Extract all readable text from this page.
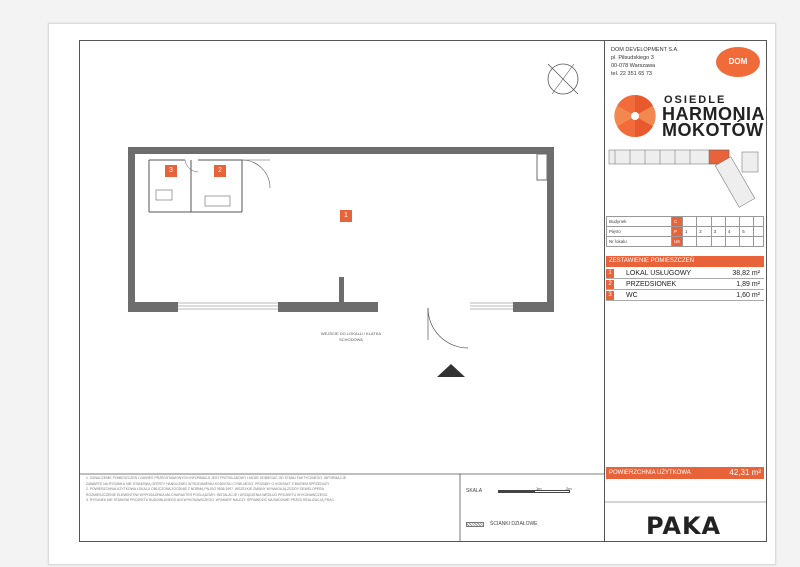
1
2
3
WEJŚCIE DO LOKALU / KLATKA SCHODOWA
DOM DEVELOPMENT S.A.
pl. Piłsudskiego 3
00-078 Warszawa
tel. 22 351 65 73
DOM
OSIEDLE
HARMONIA
MOKOTÓW
Budynek	C						
Piętro	P	1	2	3	4	5	
Nr lokalu	U6						
ZESTAWIENIE POMIESZCZEŃ
1	LOKAL USŁUGOWY	38,82 m²
2	PRZEDSIONEK	1,89 m²
3	WC	1,60 m²
POWIERZCHNIA UŻYTKOWA	42,31 m²
1. OZNACZENIE POMIESZCZEŃ I ZAKRES PRZEDSTAWIONYCH INFORMACJI JEST PRZYKŁADOWY I MOŻE ODBIEGAĆ OD STANU FAKTYCZNEGO. INFORMACJE
ZAWARTE NA RYSUNKU NIE STANOWIĄ OFERTY HANDLOWEJ W ROZUMIENIU KODEKSU CYWILNEGO. PROSIMY O KONTAKT Z BIUREM SPRZEDAŻY.
2. POWIERZCHNIA UŻYTKOWA LOKALU OBLICZONA ZGODNIE Z NORMĄ PN-ISO 9836:1997. WSZELKIE ZMIANY WYMAGAJĄ ZGODY DEWELOPERA,
ROZMIESZCZENIE ELEMENTÓW WYPOSAŻENIA MA CHARAKTER POGLĄDOWY. INSTALACJE I URZĄDZENIA WEDŁUG PROJEKTU WYKONAWCZEGO.
3. RYSUNEK NIE STANOWI PROJEKTU BUDOWLANEGO ANI WYKONAWCZEGO. WYMIARY NALEŻY SPRAWDZIĆ NA BUDOWIE PRZED REALIZACJĄ PRAC.
SKALA	1m	2m
ŚCIANKI DZIAŁOWE	PAKA
